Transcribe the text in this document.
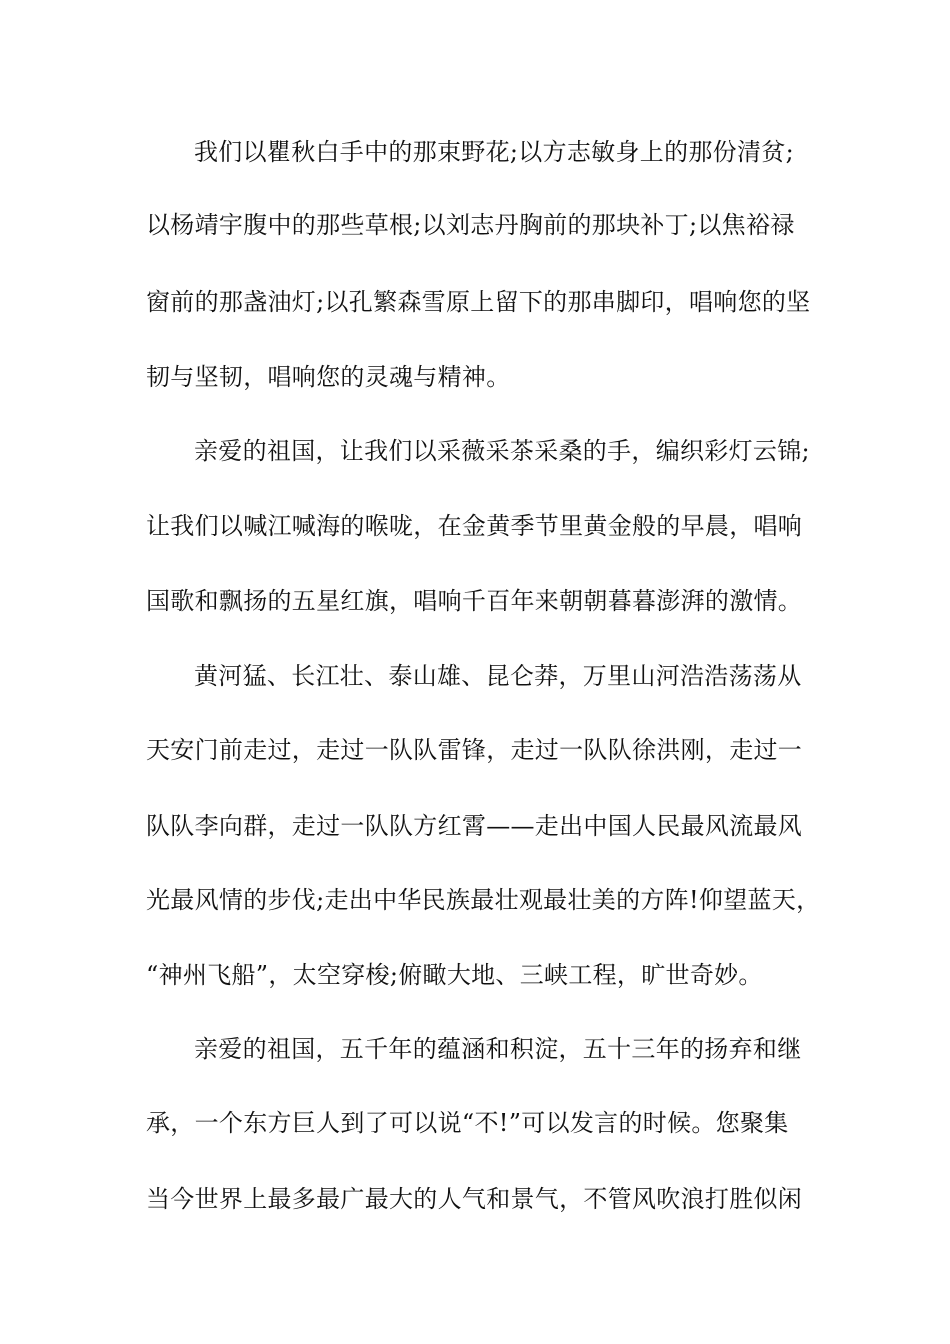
我们以瞿秋白手中的那束野花;以方志敏身上的那份清贫;
以杨靖宇腹中的那些草根;以刘志丹胸前的那块补丁;以焦裕禄
窗前的那盏油灯;以孔繁森雪原上留下的那串脚印，唱响您的坚
韧与坚韧，唱响您的灵魂与精神。
亲爱的祖国，让我们以采薇采茶采桑的手，编织彩灯云锦;
让我们以喊江喊海的喉咙，在金黄季节里黄金般的早晨，唱响
国歌和飘扬的五星红旗，唱响千百年来朝朝暮暮澎湃的激情。
黄河猛、长江壮、泰山雄、昆仑莽，万里山河浩浩荡荡从
天安门前走过，走过一队队雷锋，走过一队队徐洪刚，走过一
队队李向群，走过一队队方红霄——走出中国人民最风流最风
光最风情的步伐;走出中华民族最壮观最壮美的方阵!仰望蓝天，
“神州飞船”，太空穿梭;俯瞰大地、三峡工程，旷世奇妙。
亲爱的祖国，五千年的蕴涵和积淀，五十三年的扬弃和继
承，一个东方巨人到了可以说“不!”可以发言的时候。您聚集
当今世界上最多最广最大的人气和景气，不管风吹浪打胜似闲
